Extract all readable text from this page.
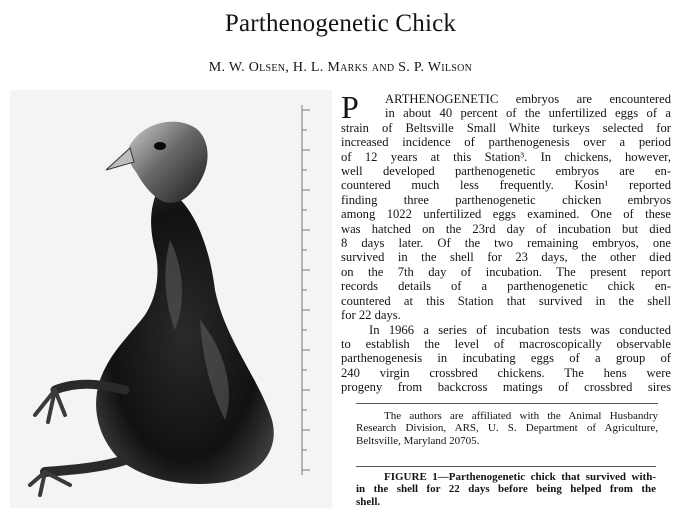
Parthenogenetic Chick
M. W. Olsen, H. L. Marks and S. P. Wilson

P	ARTHENOGENETIC embryos are encountered
in about 40 percent of the unfertilized eggs of a
strain of Beltsville Small White turkeys selected for
increased incidence of parthenogenesis over a period
of 12 years at this Station³. In chickens, however,
well developed parthenogenetic embryos are en-
countered much less frequently. Kosin¹ reported
finding three parthenogenetic chicken embryos
among 1022 unfertilized eggs examined. One of these
was hatched on the 23rd day of incubation but died
8 days later. Of the two remaining embryos, one
survived in the shell for 23 days, the other died
on the 7th day of incubation. The present report
records details of a parthenogenetic chick en-
countered at this Station that survived in the shell
for 22 days.

In 1966 a series of incubation tests was conducted
to establish the level of macroscopically observable
parthenogenesis in incubating eggs of a group of
240 virgin crossbred chickens. The hens were
progeny from backcross matings of crossbred sires

The authors are affiliated with the Animal Husbandry
Research Division, ARS, U. S. Department of Agriculture,
Beltsville, Maryland 20705.
FIGURE 1—Parthenogenetic chick that survived with-
in the shell for 22 days before being helped from the
shell.
